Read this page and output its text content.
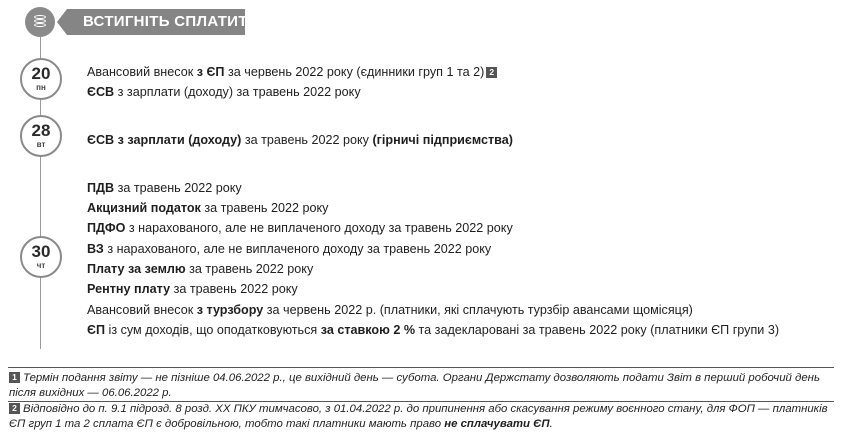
ВСТИГНІТЬ СПЛАТИТИ
20
пн
Авансовий внесок з ЄП за червень 2022 року (єдинники груп 1 та 2) 2
ЄСВ з зарплати (доходу) за травень 2022 року
28
вт	ЄСВ з зарплати (доходу) за травень 2022 року (гірничі підприємства)
30
чт
ПДВ за травень 2022 року
Акцизний податок за травень 2022 року
ПДФО з нарахованого, але не виплаченого доходу за травень 2022 року
ВЗ з нарахованого, але не виплаченого доходу за травень 2022 року
Плату за землю за травень 2022 року
Рентну плату за травень 2022 року
Авансовий внесок з турзбору за червень 2022 р. (платники, які сплачують турзбір авансами щомісяця)
ЄП із сум доходів, що оподатковуються за ставкою 2 % та задекларовані за травень 2022 року (платники ЄП групи 3)
1 Термін подання звіту — не пізніше 04.06.2022 р., це вихідний день — субота. Органи Держстату дозволяють подати Звіт в перший робочий день після вихідних — 06.06.2022 р.
2 Відповідно до п. 9.1 підрозд. 8 розд. ХХ ПКУ тимчасово, з 01.04.2022 р. до припинення або скасування режиму воєнного стану, для ФОП — платників ЄП груп 1 та 2 сплата ЄП є добровільною, тобто такі платники мають право не сплачувати ЄП.
